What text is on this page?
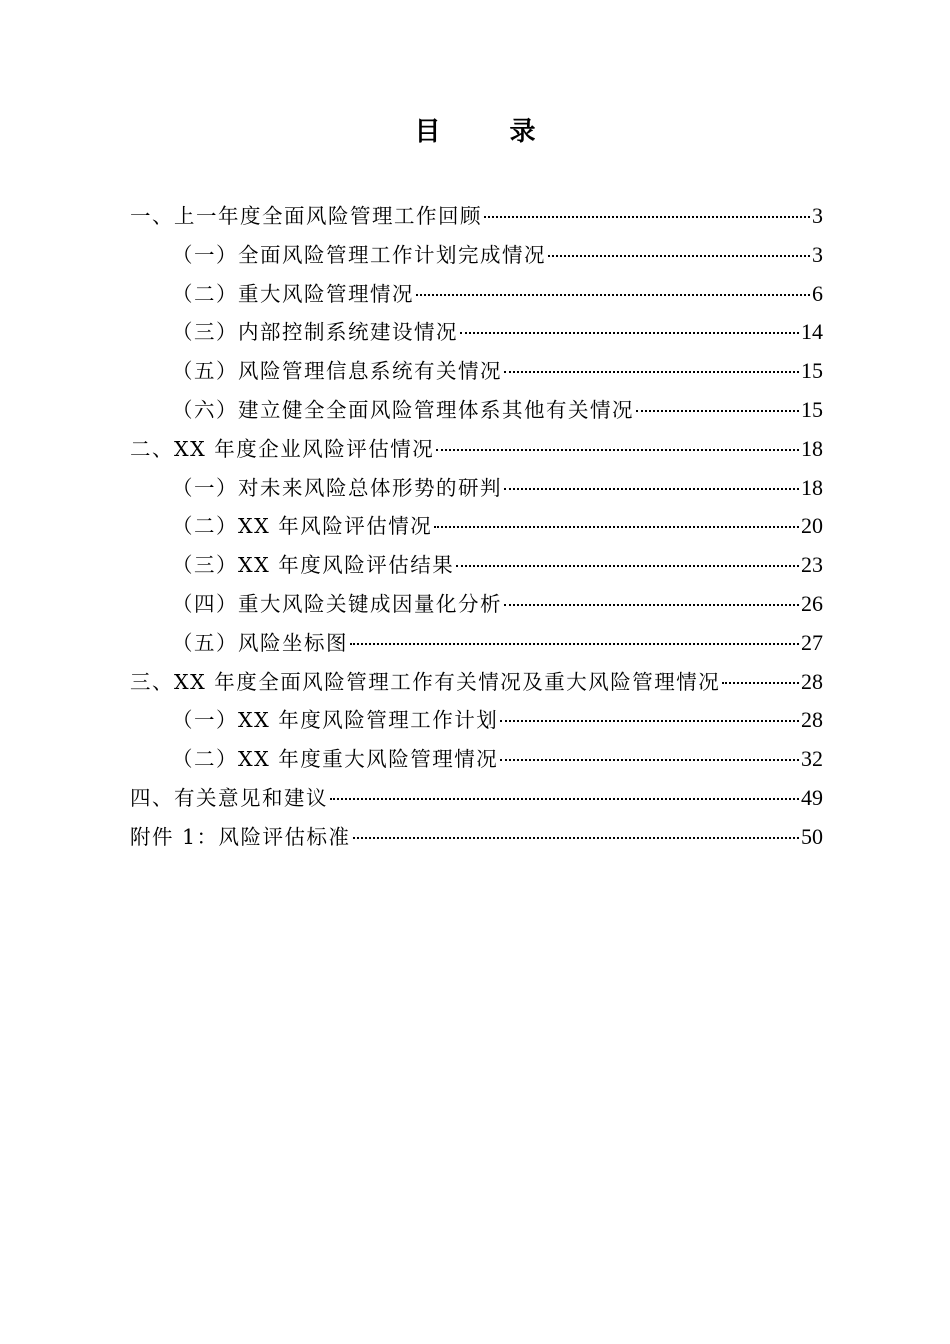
目 录
一、上一年度全面风险管理工作回顾	3
（一）全面风险管理工作计划完成情况	3
（二）重大风险管理情况	6
（三）内部控制系统建设情况	14
（五）风险管理信息系统有关情况	15
（六）建立健全全面风险管理体系其他有关情况	15
二、XX 年度企业风险评估情况	18
（一）对未来风险总体形势的研判	18
（二）XX 年风险评估情况	20
（三）XX 年度风险评估结果	23
（四）重大风险关键成因量化分析	26
（五）风险坐标图	27
三、XX 年度全面风险管理工作有关情况及重大风险管理情况	28
（一）XX 年度风险管理工作计划	28
（二）XX 年度重大风险管理情况	32
四、有关意见和建议	49
附件 1：风险评估标准	50
